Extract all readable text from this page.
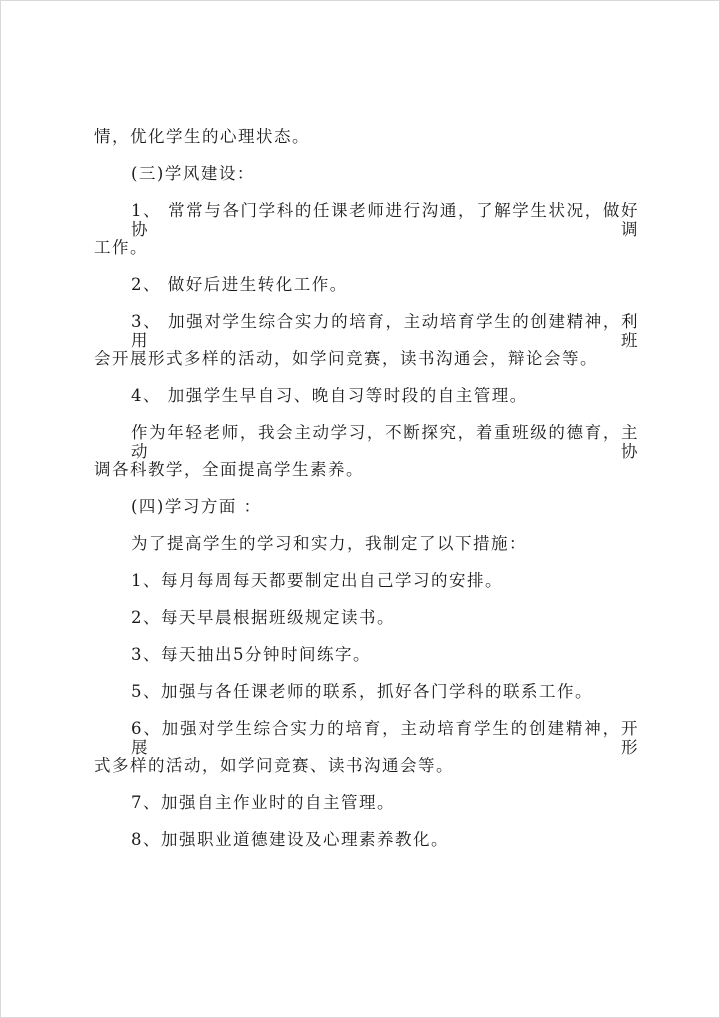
情，优化学生的心理状态。
(三)学风建设：
1、 常常与各门学科的任课老师进行沟通，了解学生状况，做好协调
工作。
2、 做好后进生转化工作。
3、 加强对学生综合实力的培育，主动培育学生的创建精神，利用班
会开展形式多样的活动，如学问竞赛，读书沟通会，辩论会等。
4、 加强学生早自习、晚自习等时段的自主管理。
作为年轻老师，我会主动学习，不断探究，着重班级的德育，主动协
调各科教学，全面提高学生素养。
(四)学习方面 ：
为了提高学生的学习和实力，我制定了以下措施：
1、每月每周每天都要制定出自己学习的安排。
2、每天早晨根据班级规定读书。
3、每天抽出5分钟时间练字。
5、加强与各任课老师的联系，抓好各门学科的联系工作。
6、加强对学生综合实力的培育，主动培育学生的创建精神，开展形
式多样的活动，如学问竞赛、读书沟通会等。
7、加强自主作业时的自主管理。
8、加强职业道德建设及心理素养教化。
